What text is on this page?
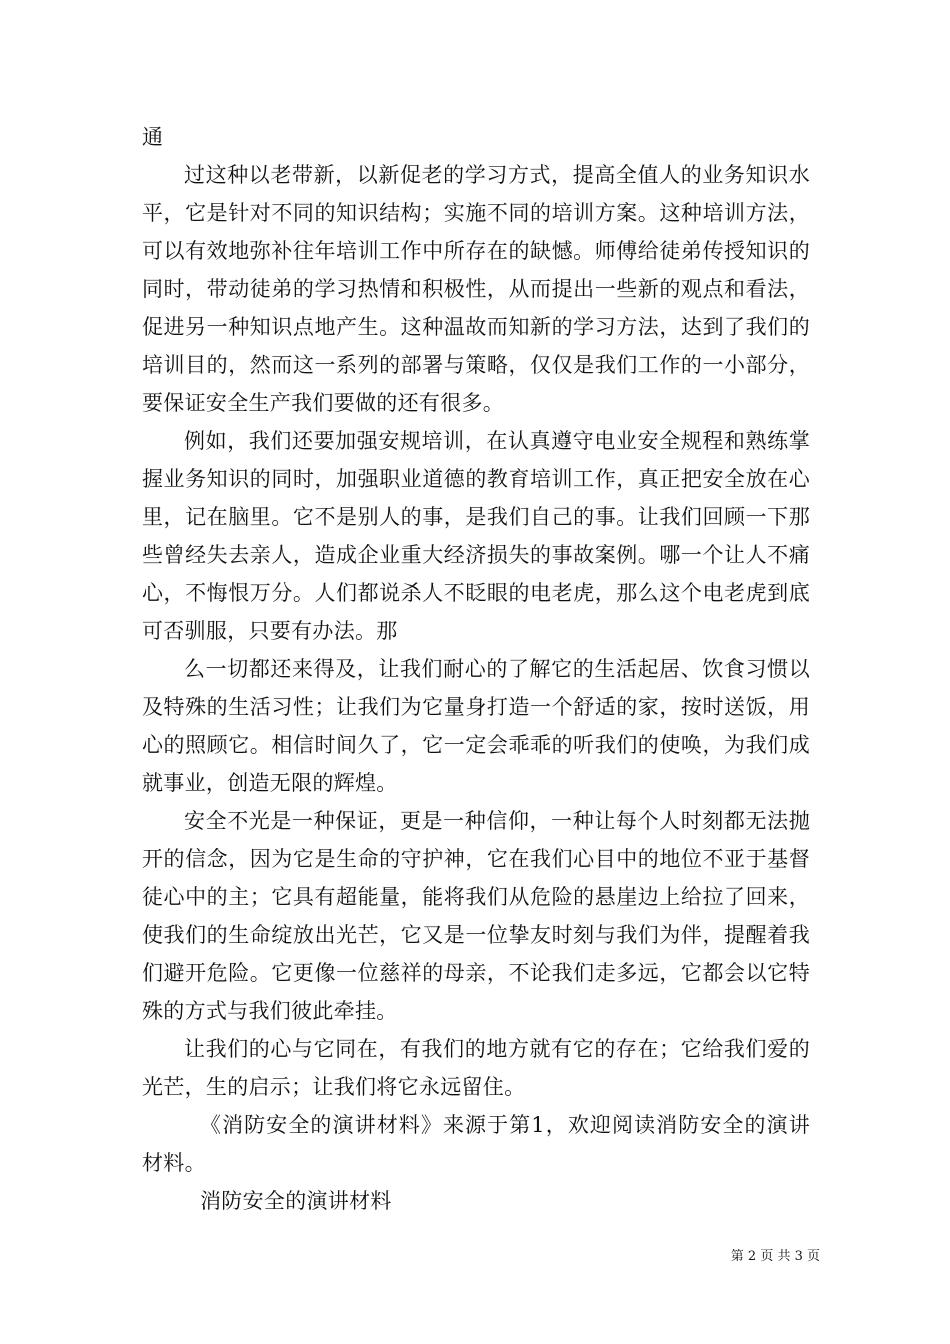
通

过这种以老带新，以新促老的学习方式，提高全值人的业务知识水平，它是针对不同的知识结构；实施不同的培训方案。这种培训方法，可以有效地弥补往年培训工作中所存在的缺憾。师傅给徒弟传授知识的同时，带动徒弟的学习热情和积极性，从而提出一些新的观点和看法，促进另一种知识点地产生。这种温故而知新的学习方法，达到了我们的培训目的，然而这一系列的部署与策略，仅仅是我们工作的一小部分，要保证安全生产我们要做的还有很多。

例如，我们还要加强安规培训，在认真遵守电业安全规程和熟练掌握业务知识的同时，加强职业道德的教育培训工作，真正把安全放在心里，记在脑里。它不是别人的事，是我们自己的事。让我们回顾一下那些曾经失去亲人，造成企业重大经济损失的事故案例。哪一个让人不痛心，不悔恨万分。人们都说杀人不眨眼的电老虎，那么这个电老虎到底可否驯服，只要有办法。那

么一切都还来得及，让我们耐心的了解它的生活起居、饮食习惯以及特殊的生活习性；让我们为它量身打造一个舒适的家，按时送饭，用心的照顾它。相信时间久了，它一定会乖乖的听我们的使唤，为我们成就事业，创造无限的辉煌。

安全不光是一种保证，更是一种信仰，一种让每个人时刻都无法抛开的信念，因为它是生命的守护神，它在我们心目中的地位不亚于基督徒心中的主；它具有超能量，能将我们从危险的悬崖边上给拉了回来，使我们的生命绽放出光芒，它又是一位挚友时刻与我们为伴，提醒着我们避开危险。它更像一位慈祥的母亲，不论我们走多远，它都会以它特殊的方式与我们彼此牵挂。

让我们的心与它同在，有我们的地方就有它的存在；它给我们爱的光芒，生的启示；让我们将它永远留住。

《消防安全的演讲材料》来源于第1，欢迎阅读消防安全的演讲材料。

消防安全的演讲材料

第 2 页 共 3 页
